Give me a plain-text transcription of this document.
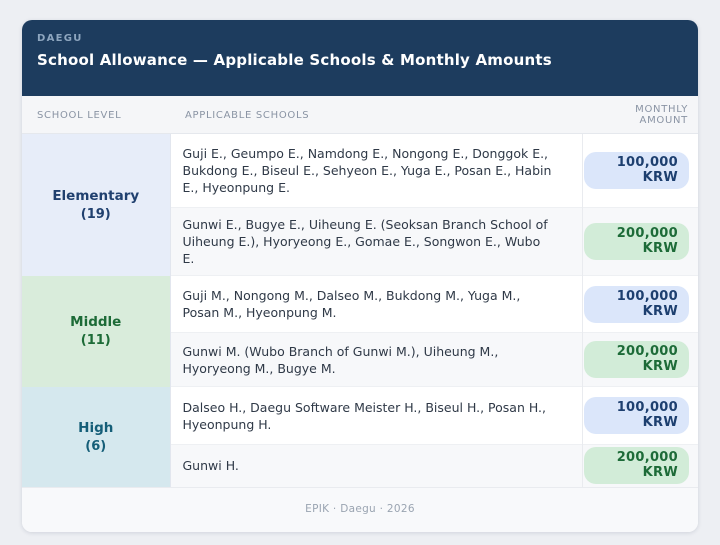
DAEGU
School Allowance — Applicable Schools & Monthly Amounts
SCHOOL LEVEL	APPLICABLE SCHOOLS	MONTHLY AMOUNT

Elementary
(19)	Guji E., Geumpo E., Namdong E., Nongong E., Donggok E., Bukdong E., Biseul E., Sehyeon E., Yuga E., Posan E., Habin E., Hyeonpung E.	100,000 KRW
	Gunwi E., Bugye E., Uiheung E. (Seoksan Branch School of Uiheung E.), Hyoryeong E., Gomae E., Songwon E., Wubo E.	200,000 KRW

Middle
(11)	Guji M., Nongong M., Dalseo M., Bukdong M., Yuga M., Posan M., Hyeonpung M.	100,000 KRW
	Gunwi M. (Wubo Branch of Gunwi M.), Uiheung M., Hyoryeong M., Bugye M.	200,000 KRW

High
(6)	Dalseo H., Daegu Software Meister H., Biseul H., Posan H., Hyeonpung H.	100,000 KRW
	Gunwi H.	200,000 KRW
EPIK · Daegu · 2026
